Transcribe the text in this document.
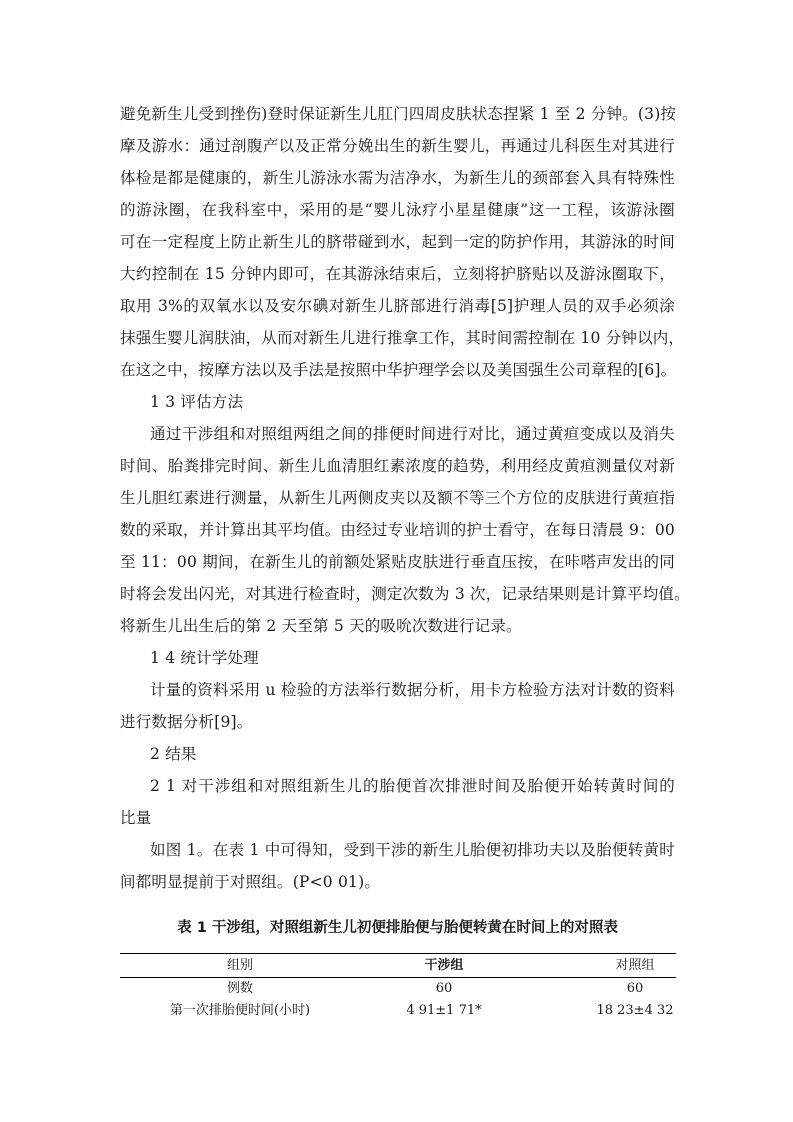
避免新生儿受到挫伤)登时保证新生儿肛门四周皮肤状态捏紧 1 至 2 分钟。(3)按
摩及游水：通过剖腹产以及正常分娩出生的新生婴儿，再通过儿科医生对其进行
体检是都是健康的，新生儿游泳水需为洁净水，为新生儿的颈部套入具有特殊性
的游泳圈，在我科室中，采用的是“婴儿泳疗小星星健康”这一工程，该游泳圈
可在一定程度上防止新生儿的脐带碰到水，起到一定的防护作用，其游泳的时间
大约控制在 15 分钟内即可，在其游泳结束后，立刻将护脐贴以及游泳圈取下，
取用 3%的双氧水以及安尔碘对新生儿脐部进行消毒[5]护理人员的双手必须涂
抹强生婴儿润肤油，从而对新生儿进行推拿工作，其时间需控制在 10 分钟以内，
在这之中，按摩方法以及手法是按照中华护理学会以及美国强生公司章程的[6]。
1 3 评估方法
通过干涉组和对照组两组之间的排便时间进行对比，通过黄疸变成以及消失
时间、胎粪排完时间、新生儿血清胆红素浓度的趋势，利用经皮黄疸测量仪对新
生儿胆红素进行测量，从新生儿两侧皮夹以及额不等三个方位的皮肤进行黄疸指
数的采取，并计算出其平均值。由经过专业培训的护士看守，在每日清晨 9：00
至 11：00 期间，在新生儿的前额处紧贴皮肤进行垂直压按，在咔嗒声发出的同
时将会发出闪光，对其进行检查时，测定次数为 3 次，记录结果则是计算平均值。
将新生儿出生后的第 2 天至第 5 天的吸吮次数进行记录。
1 4 统计学处理
计量的资料采用 u 检验的方法举行数据分析，用卡方检验方法对计数的资料
进行数据分析[9]。
2 结果
2 1 对干涉组和对照组新生儿的胎便首次排泄时间及胎便开始转黄时间的
比量
如图 1。在表 1 中可得知，受到干涉的新生儿胎便初排功夫以及胎便转黄时
间都明显提前于对照组。(P<0 01)。
表 1 干涉组，对照组新生儿初便排胎便与胎便转黄在时间上的对照表
组别	干涉组	对照组
例数	60	60
第一次排胎便时间(小时)	4 91±1 71*	18 23±4 32
